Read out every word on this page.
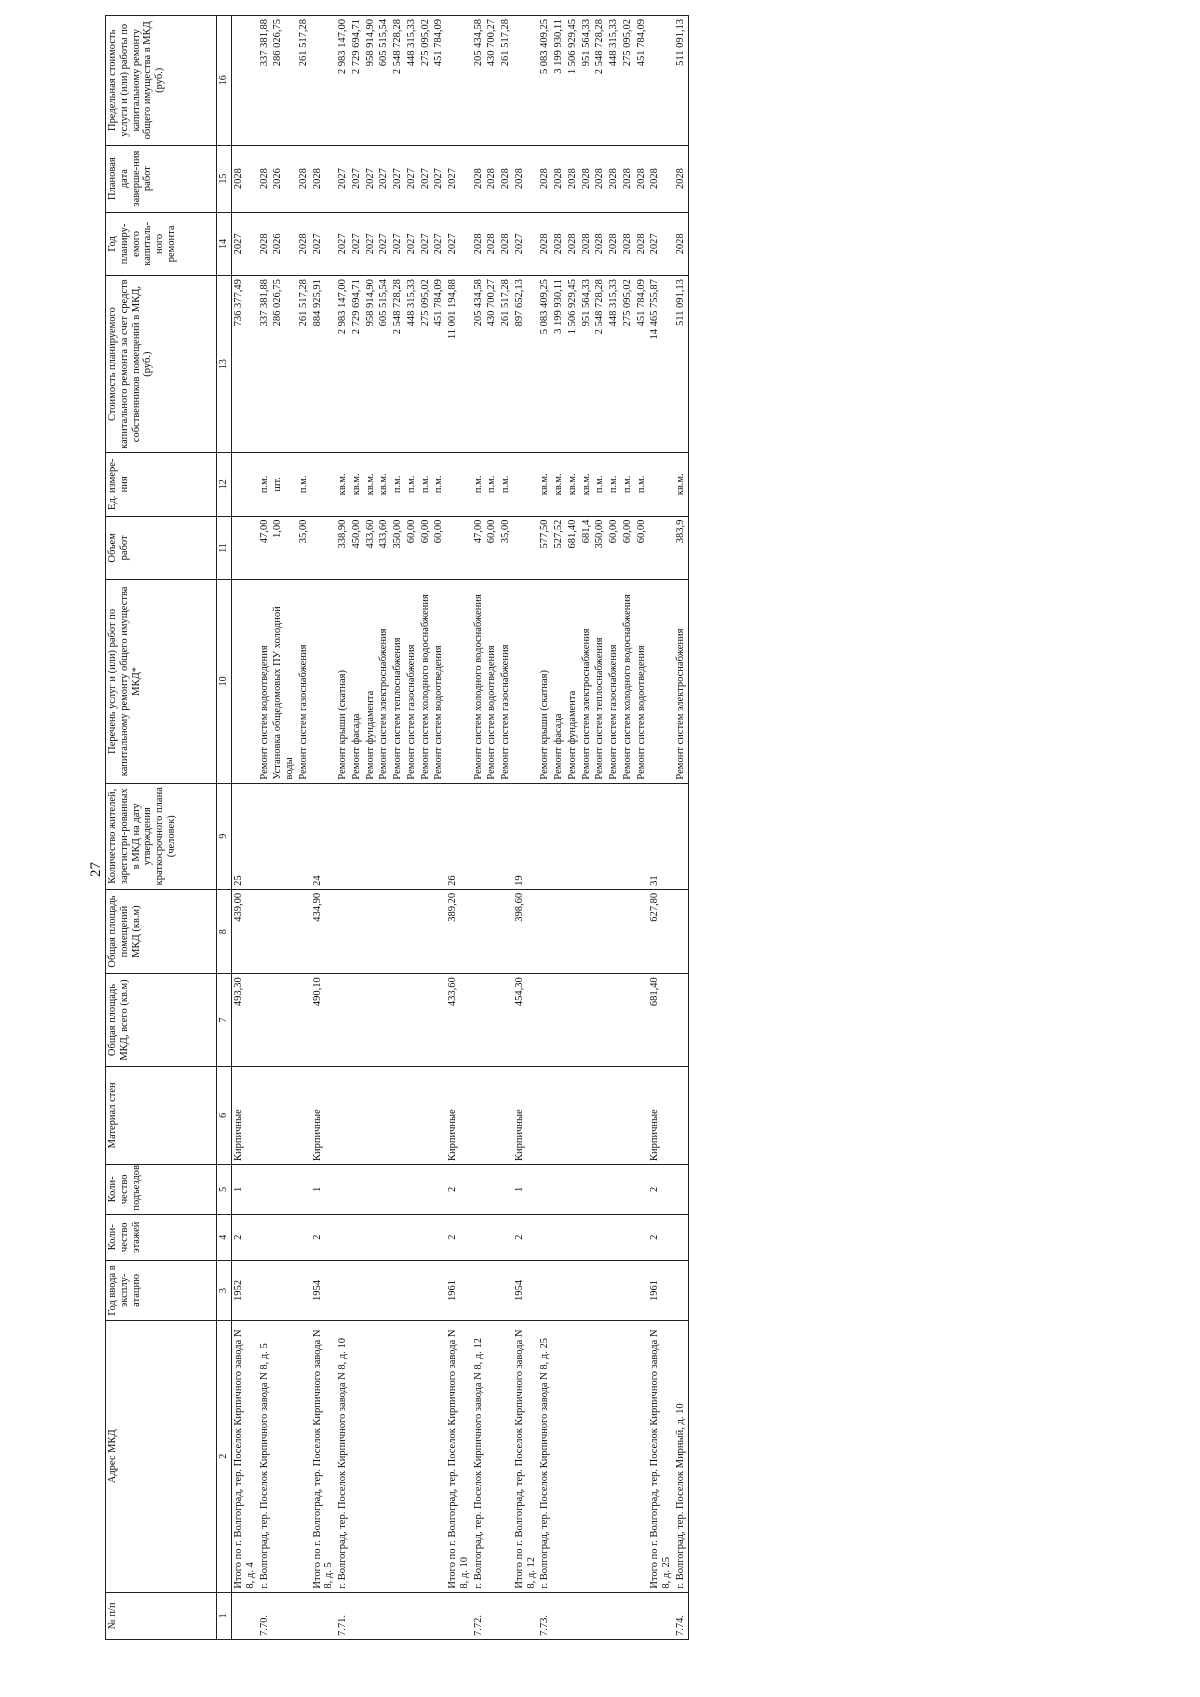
27
№ п/п	Адрес МКД	Год ввода в эксплу-атацию	Коли-чество этажей	Коли-чество подъездов	Материал стен	Общая площадь МКД, всего (кв.м)	Общая площадь помещений МКД (кв.м)	Количество жителей, зарегистри-рованных в МКД на дату утверждения краткосрочного плана (человек)	Перечень услуг и (или) работ по капитальному ремонту общего имущества МКД*	Объем работ	Ед. измере-ния	Стоимость планируемого капитального ремонта за счет средств собственников помещений в МКД, (руб.)	Год планиру-емого капиталь-ного ремонта	Плановая дата заверше-ния работ	Предельная стоимость услуги и (или) работы по капитальному ремонту общего имущества в МКД (руб.)
1	2	3	4	5	6	7	8	9	10	11	12	13	14	15	16
	Итого по г. Волгоград, тер. Поселок Кирпичного завода N 8, д. 4	1952	2	1	Кирпичные	493,30	439,00	25				736 377,49	2027	2028	
7.70.	г. Волгоград, тер. Поселок Кирпичного завода N 8, д. 5								Ремонт систем водоотведения	47,00	п.м.	337 381,88	2028	2028	337 381,88
									Установка общедомовых ПУ холодной воды	1,00	шт.	286 026,75	2026	2026	286 026,75
									Ремонт систем газоснабжения	35,00	п.м.	261 517,28	2028	2028	261 517,28
	Итого по г. Волгоград, тер. Поселок Кирпичного завода N 8, д. 5	1954	2	1	Кирпичные	490,10	434,90	24				884 925,91	2027	2028	
7.71.	г. Волгоград, тер. Поселок Кирпичного завода N 8, д. 10								Ремонт крыши (скатная)	338,90	кв.м.	2 983 147,00	2027	2027	2 983 147,00
									Ремонт фасада	450,00	кв.м.	2 729 694,71	2027	2027	2 729 694,71
									Ремонт фундамента	433,60	кв.м.	958 914,90	2027	2027	958 914,90
									Ремонт систем электроснабжения	433,60	кв.м.	605 515,54	2027	2027	605 515,54
									Ремонт систем теплоснабжения	350,00	п.м.	2 548 728,28	2027	2027	2 548 728,28
									Ремонт систем газоснабжения	60,00	п.м.	448 315,33	2027	2027	448 315,33
									Ремонт систем холодного водоснабжения	60,00	п.м.	275 095,02	2027	2027	275 095,02
									Ремонт систем водоотведения	60,00	п.м.	451 784,09	2027	2027	451 784,09
	Итого по г. Волгоград, тер. Поселок Кирпичного завода N 8, д. 10	1961	2	2	Кирпичные	433,60	389,20	26				11 001 194,88	2027	2027	
7.72.	г. Волгоград, тер. Поселок Кирпичного завода N 8, д. 12								Ремонт систем холодного водоснабжения	47,00	п.м.	205 434,58	2028	2028	205 434,58
									Ремонт систем водоотведения	60,00	п.м.	430 700,27	2028	2028	430 700,27
									Ремонт систем газоснабжения	35,00	п.м.	261 517,28	2028	2028	261 517,28
	Итого по г. Волгоград, тер. Поселок Кирпичного завода N 8, д. 12	1954	2	1	Кирпичные	454,30	398,60	19				897 652,13	2027	2028	
7.73.	г. Волгоград, тер. Поселок Кирпичного завода N 8, д. 25								Ремонт крыши (скатная)	577,50	кв.м.	5 083 409,25	2028	2028	5 083 409,25
									Ремонт фасада	527,52	кв.м.	3 199 930,11	2028	2028	3 199 930,11
									Ремонт фундамента	681,40	кв.м.	1 506 929,45	2028	2028	1 506 929,45
									Ремонт систем электроснабжения	681,4	кв.м.	951 564,33	2028	2028	951 564,33
									Ремонт систем теплоснабжения	350,00	п.м.	2 548 728,28	2028	2028	2 548 728,28
									Ремонт систем газоснабжения	60,00	п.м.	448 315,33	2028	2028	448 315,33
									Ремонт систем холодного водоснабжения	60,00	п.м.	275 095,02	2028	2028	275 095,02
									Ремонт систем водоотведения	60,00	п.м.	451 784,09	2028	2028	451 784,09
	Итого по г. Волгоград, тер. Поселок Кирпичного завода N 8, д. 25	1961	2	2	Кирпичные	681,40	627,80	31				14 465 755,87	2027	2028	
7.74.	г. Волгоград, тер. Поселок Мирный, д. 10								Ремонт систем электроснабжения	383,9	кв.м.	511 091,13	2028	2028	511 091,13
